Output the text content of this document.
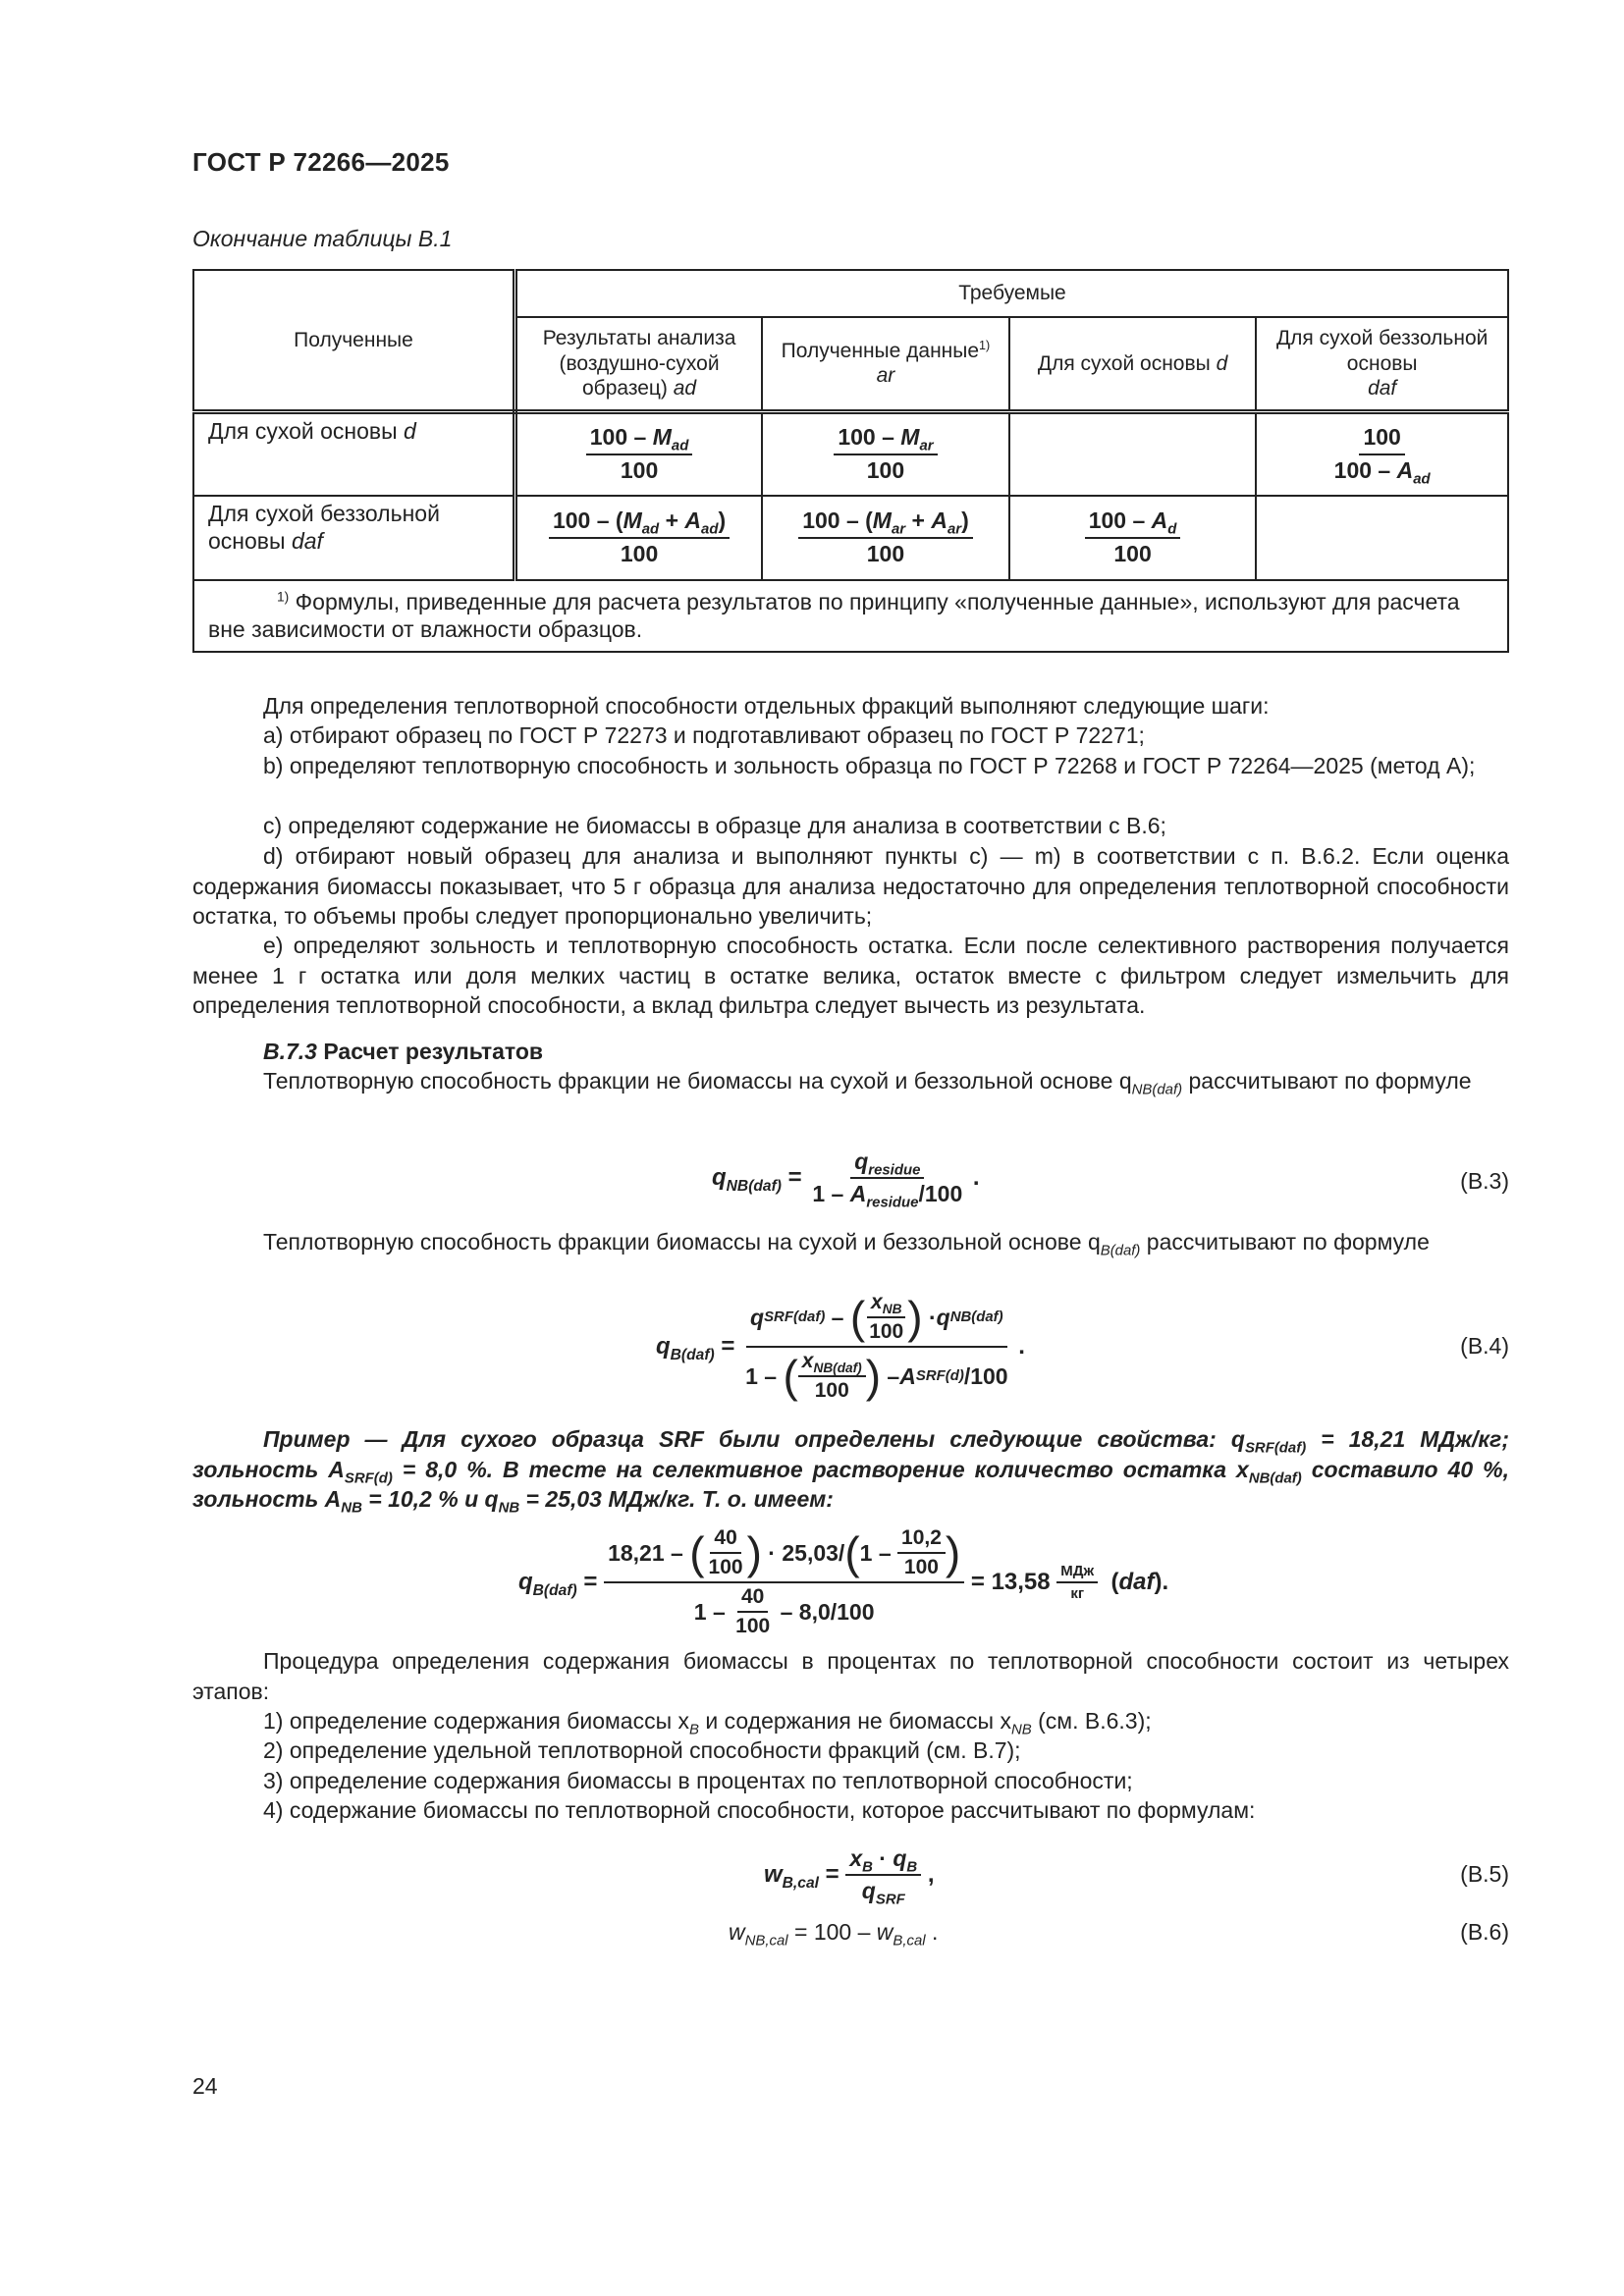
ГОСТ Р 72266—2025
Окончание таблицы В.1
Полученные	Требуемые			
	Результаты анализа (воздушно-сухой образец) ad	Полученные данные$^{1)}$ ar	Для сухой основы d	Для сухой беззольной основы
daf
Для сухой основы d	$\frac{100 - M_{ad}}{100}$	$\frac{100 - M_{ar}}{100}$		$\frac{100}{100 - A_{ad}}$

Для сухой беззольной основы daf	$\frac{100 - (M_{ad} + A_{ad})}{100}$	$\frac{100 - (M_{ar} + A_{ar})}{100}$	$\frac{100 - A_d}{100}$

$^{1)}$ Формулы, приведенные для расчета результатов по принципу «полученные данные», используют для расчета вне зависимости от влажности образцов.				
Для определения теплотворной способности отдельных фракций выполняют следующие шаги:
a) отбирают образец по ГОСТ Р 72273 и подготавливают образец по ГОСТ Р 72271;
b) определяют теплотворную способность и зольность образца по ГОСТ Р 72268 и ГОСТ Р 72264—2025 (метод А);
c) определяют содержание не биомассы в образце для анализа в соответствии с В.6;
d) отбирают новый образец для анализа и выполняют пункты c) — m) в соответствии с п. В.6.2. Если оценка содержания биомассы показывает, что 5 г образца для анализа недостаточно для определения теплотворной способности остатка, то объемы пробы следует пропорционально увеличить;
e) определяют зольность и теплотворную способность остатка. Если после селективного растворения получается менее 1 г остатка или доля мелких частиц в остатке велика, остаток вместе с фильтром следует измельчить для определения теплотворной способности, а вклад фильтра следует вычесть из результата.
В.7.3 Расчет результатов
Теплотворную способность фракции не биомассы на сухой и беззольной основе $q_{NB(daf)}$ рассчитывают по формуле
$q_{NB(daf)} = \frac{q_{residue}}{1 - A_{residue}/100}$ .	(В.3)
Теплотворную способность фракции биомассы на сухой и беззольной основе $q_{B(daf)}$ рассчитывают по формуле
$q_{B(daf)} = \frac{q SRF(daf) - ( \frac{x_{NB}}{100} ) \cdot q NB(daf)}{1 - ( \frac{x_{NB(daf)}}{100} ) - A SRF(d) /100}$ .	(В.4)
Пример — Для сухого образца SRF были определены следующие свойства: $q_{SRF(daf)} = 18,21$ МДж/кг; зольность $A_{SRF(d)} = 8,0$ %. В тесте на селективное растворение количество остатка $x_{NB(daf)}$ составило 40 %, зольность $A_{NB} = 10,2$ % и $q_{NB} = 25,03$ МДж/кг. Т. о. имеем:
$q_{B(daf)} = \frac{18,21 - ( \frac{40}{100} ) \cdot 25,03/ ( 1 - \frac{10,2}{100} )}{1 - \frac{40}{100} - 8,0/100} = 13,58 \frac{\text{МДж}}{кг} (daf)$.
Процедура определения содержания биомассы в процентах по теплотворной способности состоит из четырех этапов:
1) определение содержания биомассы $x_B$ и содержания не биомассы $x_{NB}$ (см. В.6.3);
2) определение удельной теплотворной способности фракций (см. В.7);
3) определение содержания биомассы в процентах по теплотворной способности;
4) содержание биомассы по теплотворной способности, которое рассчитывают по формулам:
$w_{B,cal} = \frac{x_B \cdot q_B}{q_{SRF}}$ ,	(В.5)
$w_{NB,cal} = 100 - w_{B,cal}$ .	(В.6)
24
